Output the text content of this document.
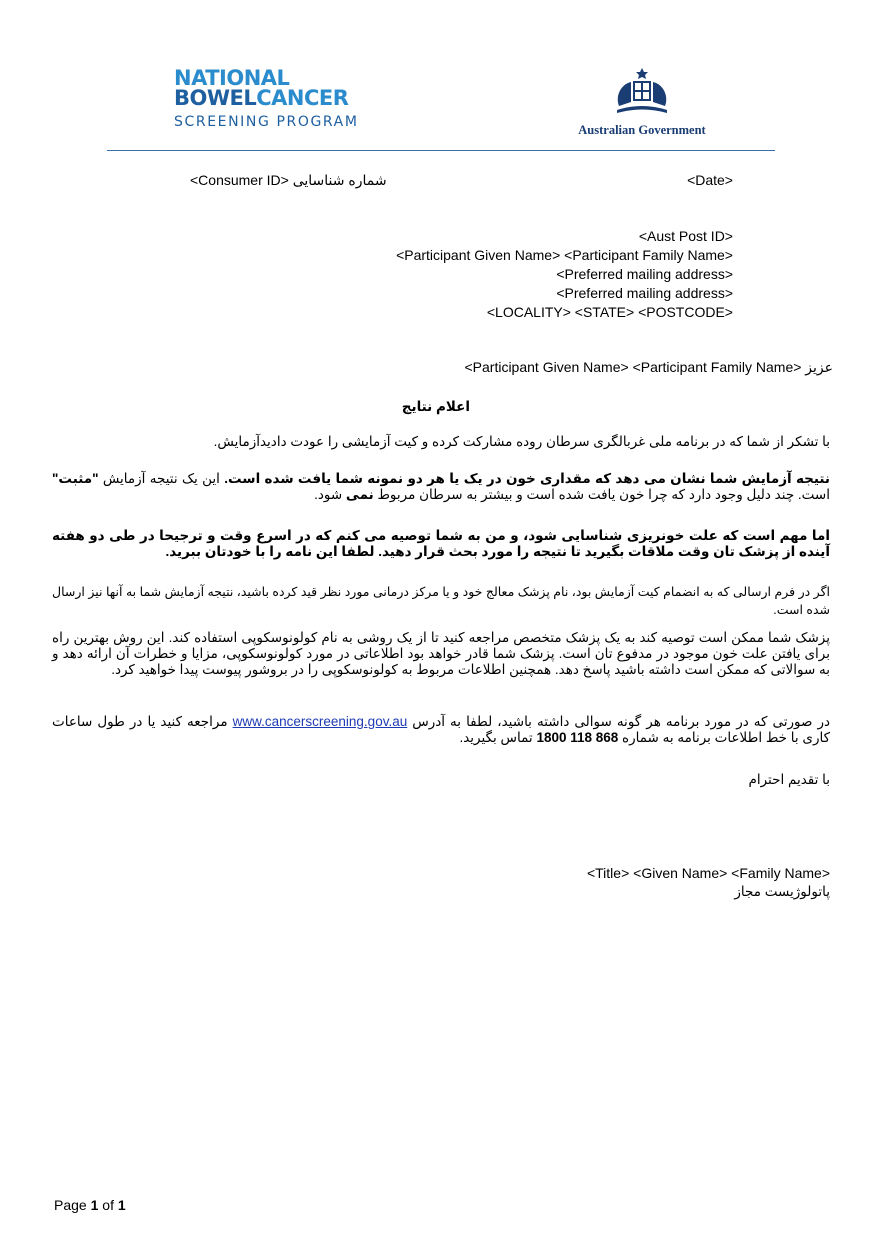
NATIONAL
BOWELCANCER
SCREENING PROGRAM	Australian Government
<Consumer ID> شماره شناسایی	<Date>
<Aust Post ID>
<Participant Given Name> <Participant Family Name>
<Preferred mailing address>
<Preferred mailing address>
<LOCALITY> <STATE> <POSTCODE>
<Participant Given Name> <Participant Family Name> عزیز
اعلام نتایج
با تشکر از شما که در برنامه ملی غربالگری سرطان روده مشارکت کرده و کیت آزمایشی را عودت دادیدآزمایش.
نتیجه آزمایش شما نشان می دهد که مقداری خون در یک یا هر دو نمونه شما یافت شده است. این یک نتیجه آزمایش "مثبت" است. چند دلیل وجود دارد که چرا خون یافت شده است و بیشتر به سرطان مربوط نمی شود.
اما مهم است که علت خونریزی شناسایی شود، و من به شما توصیه می کنم که در اسرع وقت و ترجیحا در طی دو هفته آینده از پزشک تان وقت ملاقات بگیرید تا نتیجه را مورد بحث قرار دهید. لطفا این نامه را با خودتان ببرید.
اگر در فرم ارسالی که به انضمام کیت آزمایش بود، نام پزشک معالج خود و یا مرکز درمانی مورد نظر قید کرده باشید، نتیجه آزمایش شما به آنها نیز ارسال شده است.
پزشک شما ممکن است توصیه کند به یک پزشک متخصص مراجعه کنید تا از یک روشی به نام کولونوسکوپی استفاده کند. این روش بهترین راه برای یافتن علت خون موجود در مدفوع تان است. پزشک شما قادر خواهد بود اطلاعاتی در مورد کولونوسکوپی، مزایا و خطرات آن ارائه دهد و به سوالاتی که ممکن است داشته باشید پاسخ دهد. همچنین اطلاعات مربوط به کولونوسکوپی را در بروشور پیوست پیدا خواهید کرد.
در صورتی که در مورد برنامه هر گونه سوالی داشته باشید، لطفا به آدرس www.cancerscreening.gov.au مراجعه کنید یا در طول ساعات کاری با خط اطلاعات برنامه به شماره 1800 118 868 تماس بگیرید.
با تقدیم احترام
<Title> <Given Name> <Family Name>
پاتولوژیست مجاز
Page 1 of 1
